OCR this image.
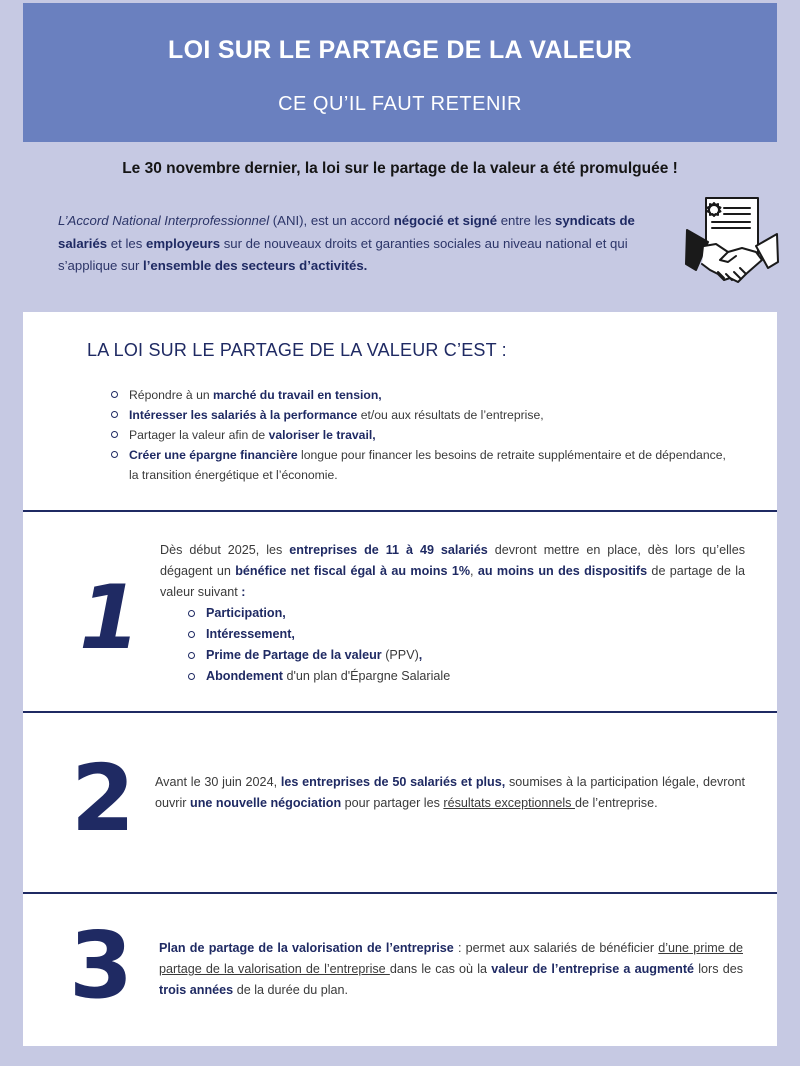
LOI SUR LE PARTAGE DE LA VALEUR
CE QU’IL FAUT RETENIR
Le 30 novembre dernier, la loi sur le partage de la valeur a été promulguée !
L’Accord National Interprofessionnel (ANI), est un accord négocié et signé entre les syndicats de salariés et les employeurs sur de nouveaux droits et garanties sociales au niveau national et qui s’applique sur l’ensemble des secteurs d’activités.
LA LOI SUR LE PARTAGE DE LA VALEUR C’EST :
Répondre à un marché du travail en tension,
Intéresser les salariés à la performance et/ou aux résultats de l’entreprise,
Partager la valeur afin de valoriser le travail,
Créer une épargne financière longue pour financer les besoins de retraite supplémentaire et de dépendance, la transition énergétique et l’économie.
1
Dès début 2025, les entreprises de 11 à 49 salariés devront mettre en place, dès lors qu’elles dégagent un bénéfice net fiscal égal à au moins 1%, au moins un des dispositifs de partage de la valeur suivant :
Participation,
Intéressement,
Prime de Partage de la valeur (PPV),
Abondement d'un plan d'Épargne Salariale
2 Avant le 30 juin 2024, les entreprises de 50 salariés et plus, soumises à la participation légale, devront ouvrir une nouvelle négociation pour partager les résultats exceptionnels de l’entreprise.
3 Plan de partage de la valorisation de l’entreprise : permet aux salariés de bénéficier d’une prime de partage de la valorisation de l’entreprise dans le cas où la valeur de l’entreprise a augmenté lors des trois années de la durée du plan.
